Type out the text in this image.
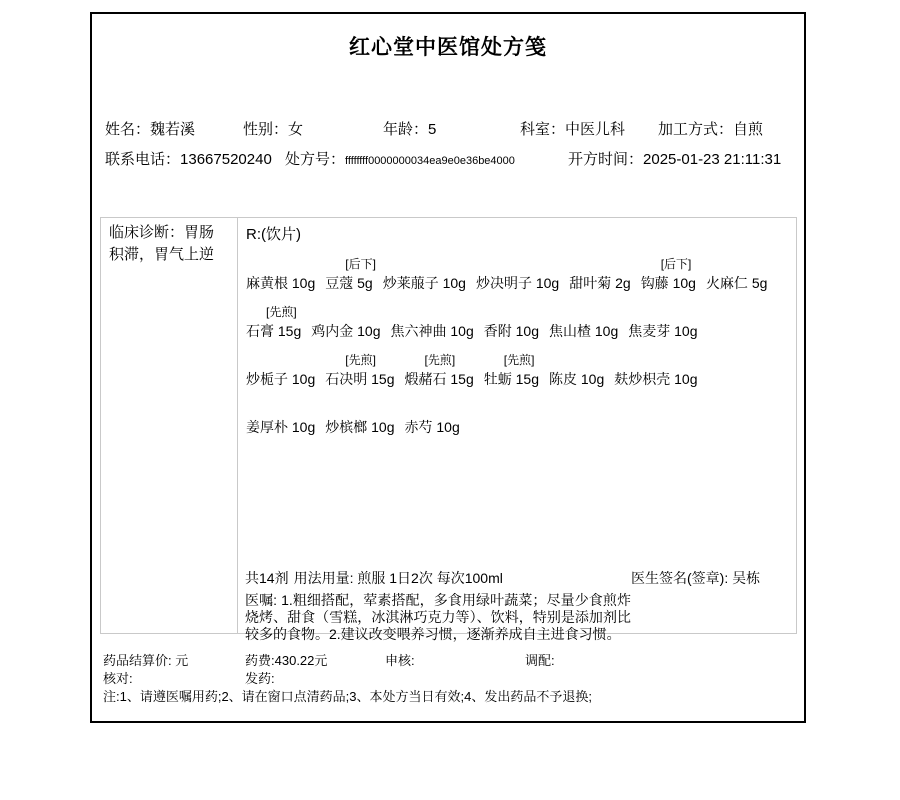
红心堂中医馆处方笺
姓名：魏若溪	性别：女	年龄：5	科室：中医儿科 加工方式：自煎
联系电话：13667520240 处方号：ffffffff0000000034ea9e0e36be4000	开方时间：2025-01-23 21:11:31
临床诊断：胃肠积滞，胃气上逆
R:(饮片)
麻黄根 10g
[后下]
豆蔻 5g 炒莱菔子 10g 炒决明子 10g 甜叶菊 2g
[后下]
钩藤 10g 火麻仁 5g
[先煎]
石膏 15g 鸡内金 10g 焦六神曲 10g 香附 10g 焦山楂 10g 焦麦芽 10g
炒栀子 10g
[先煎]
石决明 15g
[先煎]
煅赭石 15g
[先煎]
牡蛎 15g 陈皮 10g 麸炒枳壳 10g
姜厚朴 10g 炒槟榔 10g 赤芍 10g
共14剂 用法用量: 煎服 1日2次 每次100ml
医嘱: 1.粗细搭配，荤素搭配，多食用绿叶蔬菜；尽量少食煎炸烧烤、甜食（雪糕，冰淇淋巧克力等）、饮料，特别是添加剂比较多的食物。2.建议改变喂养习惯，逐渐养成自主进食习惯。
医生签名(签章): 吴栋
药品结算价: 元	药费:430.22元	申核:	调配:
核对:	发药:
注:1、请遵医嘱用药;2、请在窗口点清药品;3、本处方当日有效;4、发出药品不予退换;
